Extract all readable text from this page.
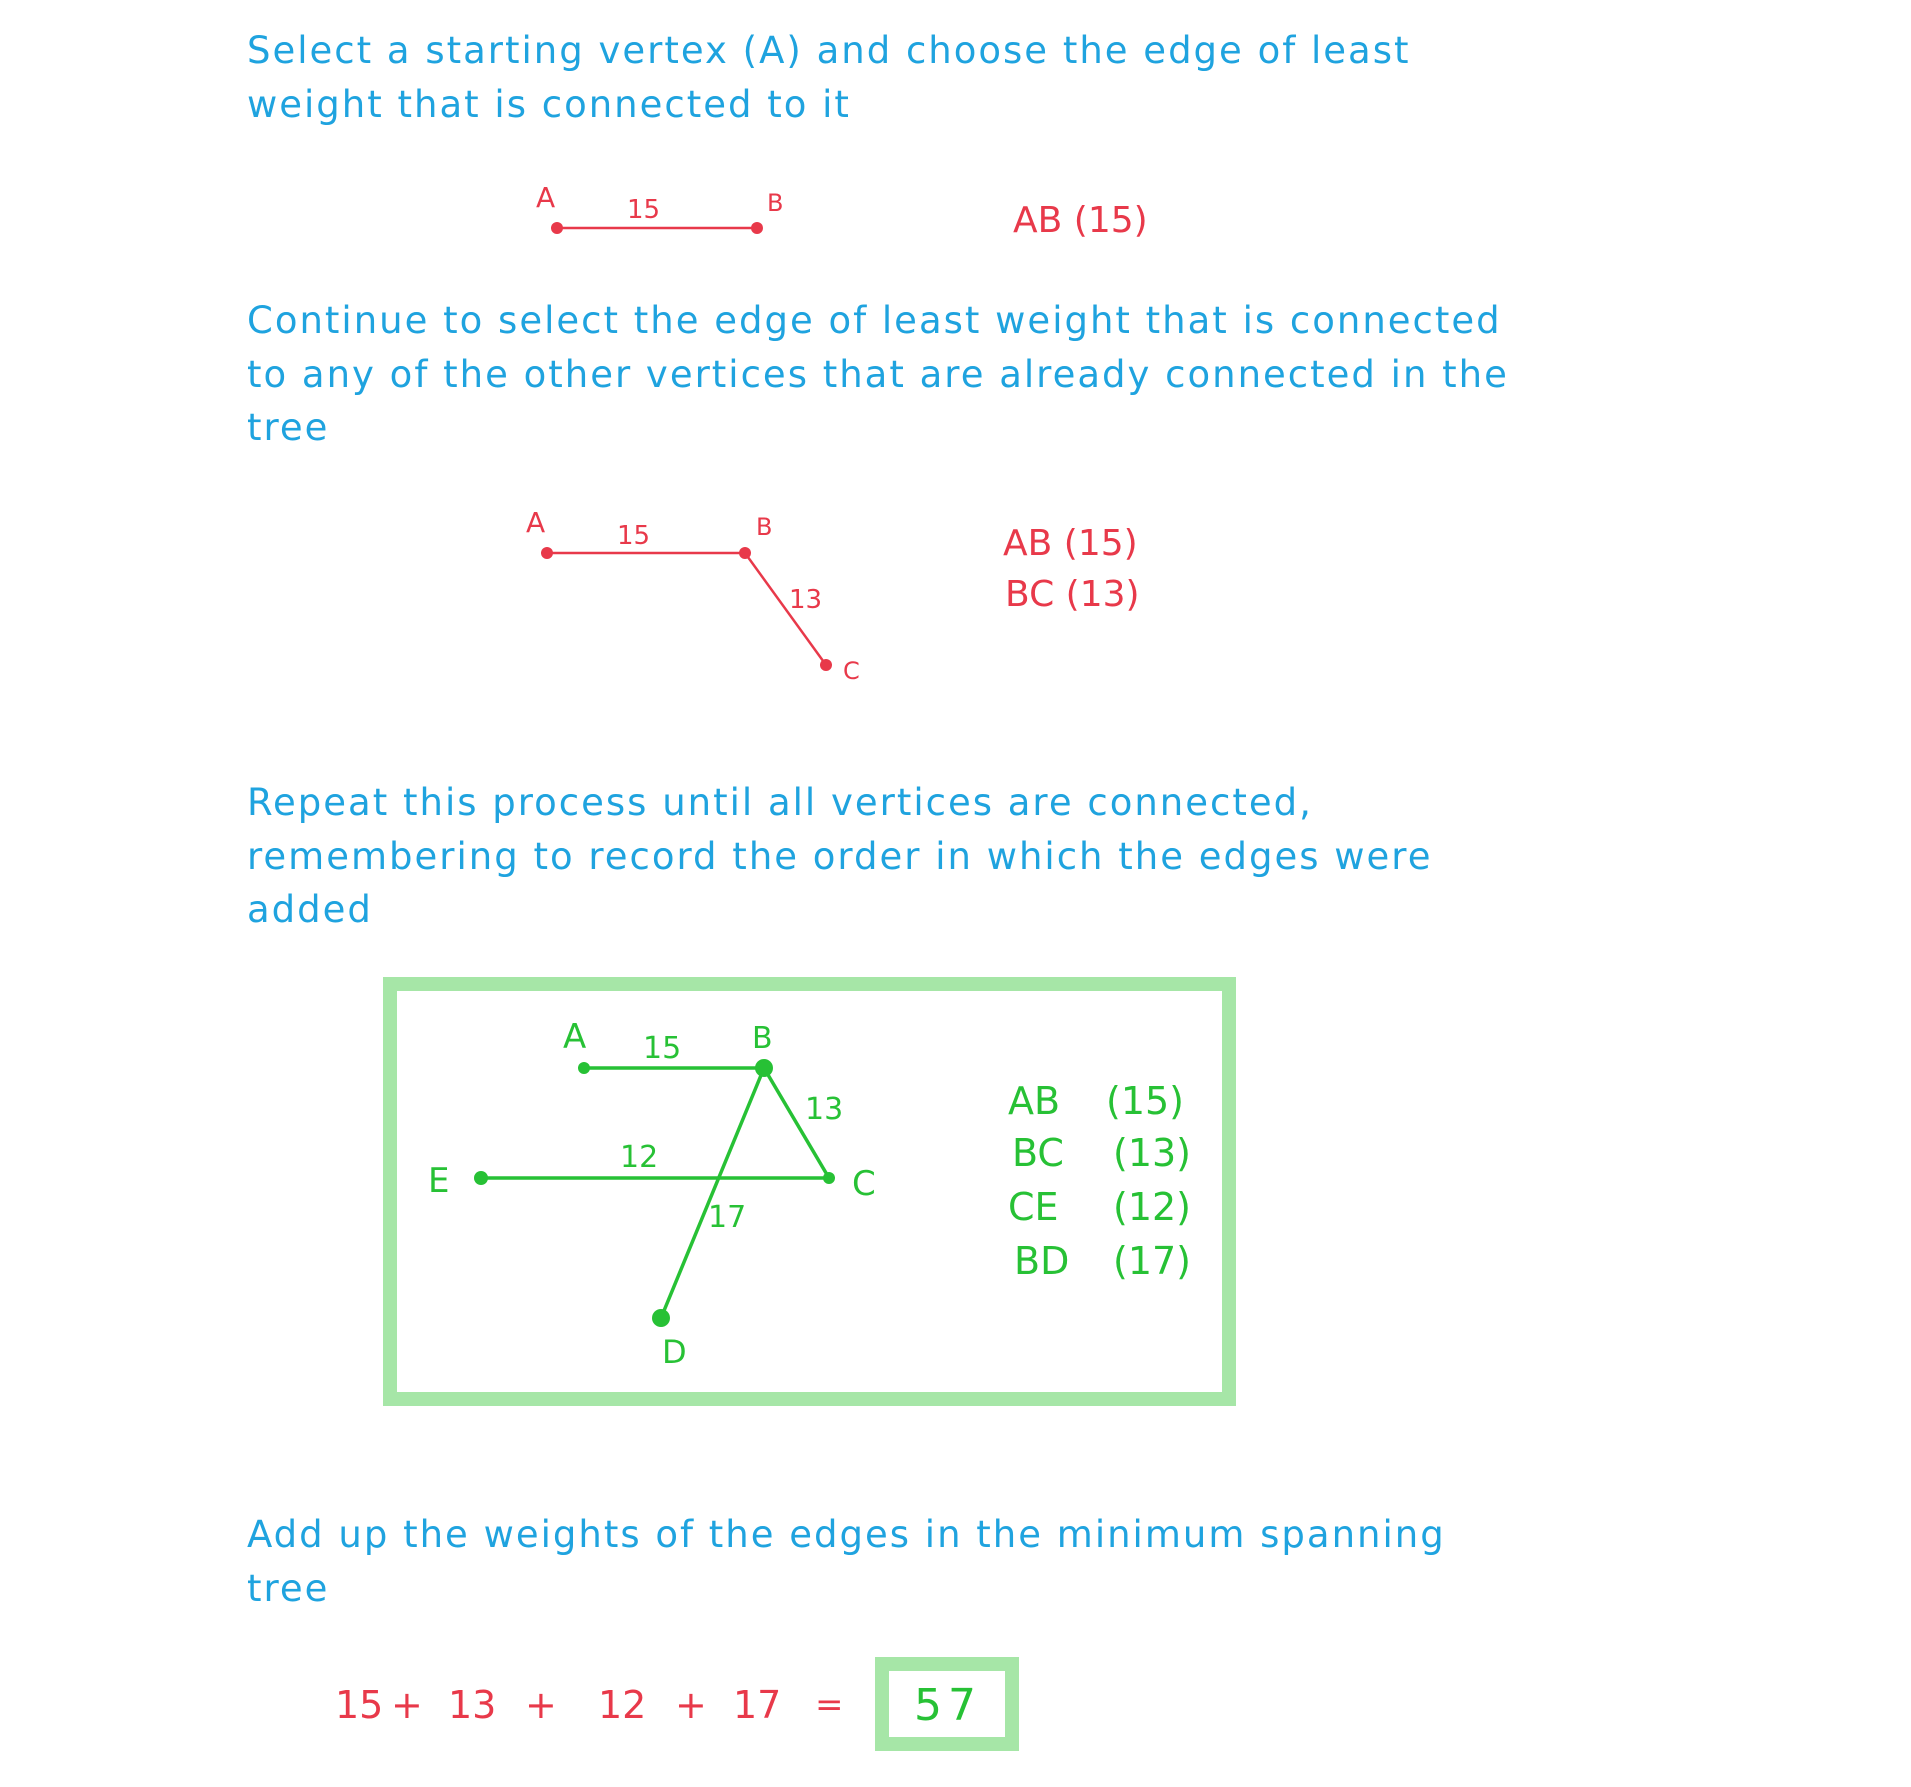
Select a starting vertex (A) and choose the edge of least weight that is connected to it

Continue to select the edge of least weight that is connected to any of the other vertices that are already connected in the tree

Repeat this process until all vertices are connected, remembering to record the order in which the edges were added

Add up the weights of the edges in the minimum spanning tree

A	B
15	AB (15)
A	B
C
15
13
AB (15)
BC (13)
A	B
C
D
E
15
13
12
17
AB (15)
BC (13)
CE (12)
BD (17)
15 + 13 + 12 + 17 = 57
